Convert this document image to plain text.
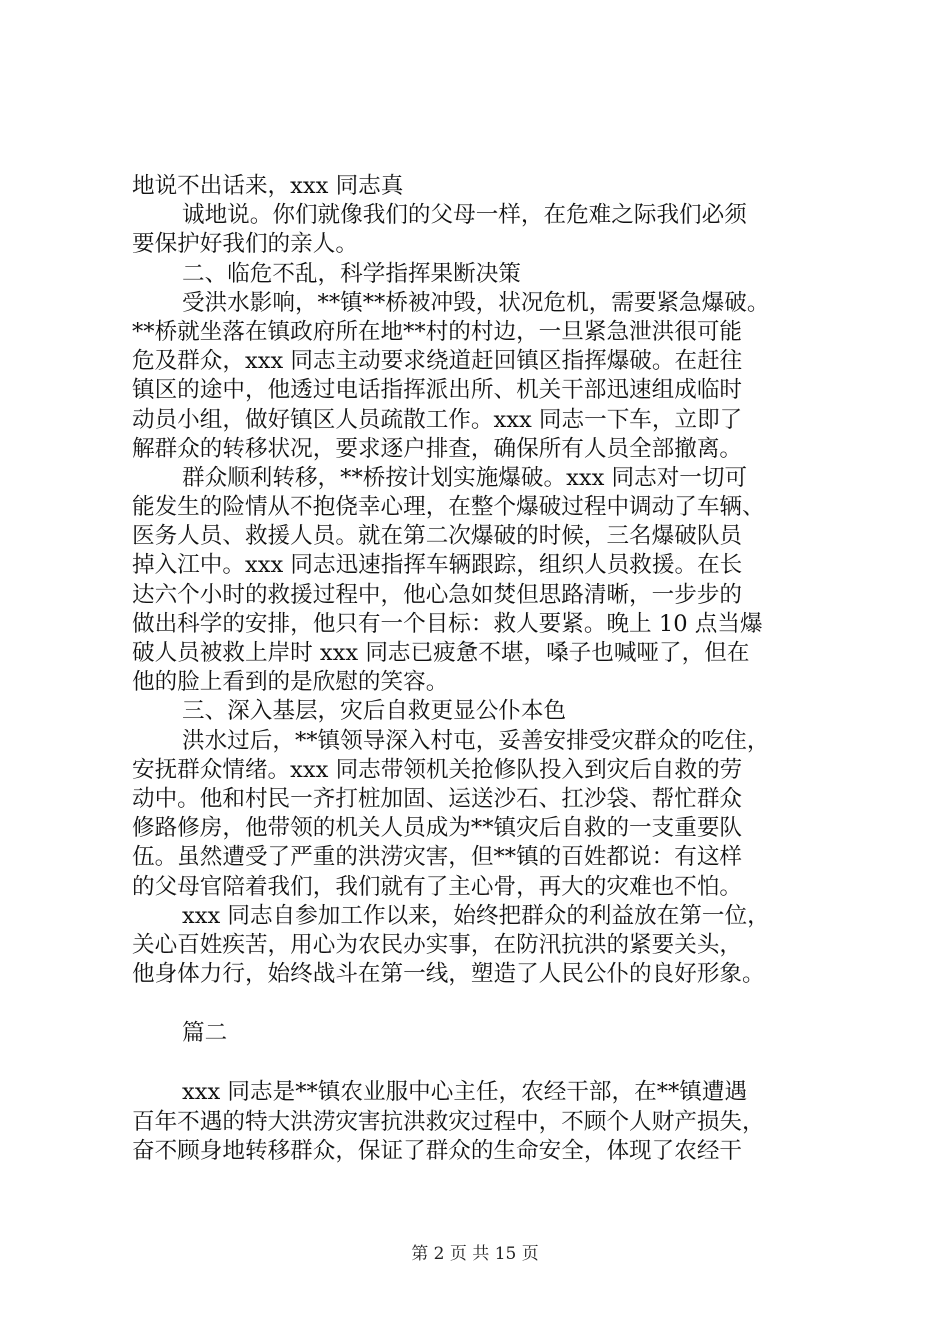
地说不出话来，xxx 同志真
诚地说。你们就像我们的父母一样，在危难之际我们必须
要保护好我们的亲人。
二、临危不乱，科学指挥果断决策
受洪水影响，**镇**桥被冲毁，状况危机，需要紧急爆破。
**桥就坐落在镇政府所在地**村的村边，一旦紧急泄洪很可能
危及群众，xxx 同志主动要求绕道赶回镇区指挥爆破。在赶往
镇区的途中，他透过电话指挥派出所、机关干部迅速组成临时
动员小组，做好镇区人员疏散工作。xxx 同志一下车，立即了
解群众的转移状况，要求逐户排查，确保所有人员全部撤离。
群众顺利转移，**桥按计划实施爆破。xxx 同志对一切可
能发生的险情从不抱侥幸心理，在整个爆破过程中调动了车辆、
医务人员、救援人员。就在第二次爆破的时候，三名爆破队员
掉入江中。xxx 同志迅速指挥车辆跟踪，组织人员救援。在长
达六个小时的救援过程中，他心急如焚但思路清晰，一步步的
做出科学的安排，他只有一个目标：救人要紧。晚上 10 点当爆
破人员被救上岸时 xxx 同志已疲惫不堪，嗓子也喊哑了，但在
他的脸上看到的是欣慰的笑容。
三、深入基层，灾后自救更显公仆本色
洪水过后，**镇领导深入村屯，妥善安排受灾群众的吃住，
安抚群众情绪。xxx 同志带领机关抢修队投入到灾后自救的劳
动中。他和村民一齐打桩加固、运送沙石、扛沙袋、帮忙群众
修路修房，他带领的机关人员成为**镇灾后自救的一支重要队
伍。虽然遭受了严重的洪涝灾害，但**镇的百姓都说：有这样
的父母官陪着我们，我们就有了主心骨，再大的灾难也不怕。
xxx 同志自参加工作以来，始终把群众的利益放在第一位，
关心百姓疾苦，用心为农民办实事，在防汛抗洪的紧要关头，
他身体力行，始终战斗在第一线，塑造了人民公仆的良好形象。
篇二
xxx 同志是**镇农业服中心主任，农经干部，在**镇遭遇
百年不遇的特大洪涝灾害抗洪救灾过程中，不顾个人财产损失，
奋不顾身地转移群众，保证了群众的生命安全，体现了农经干
第 2 页 共 15 页
